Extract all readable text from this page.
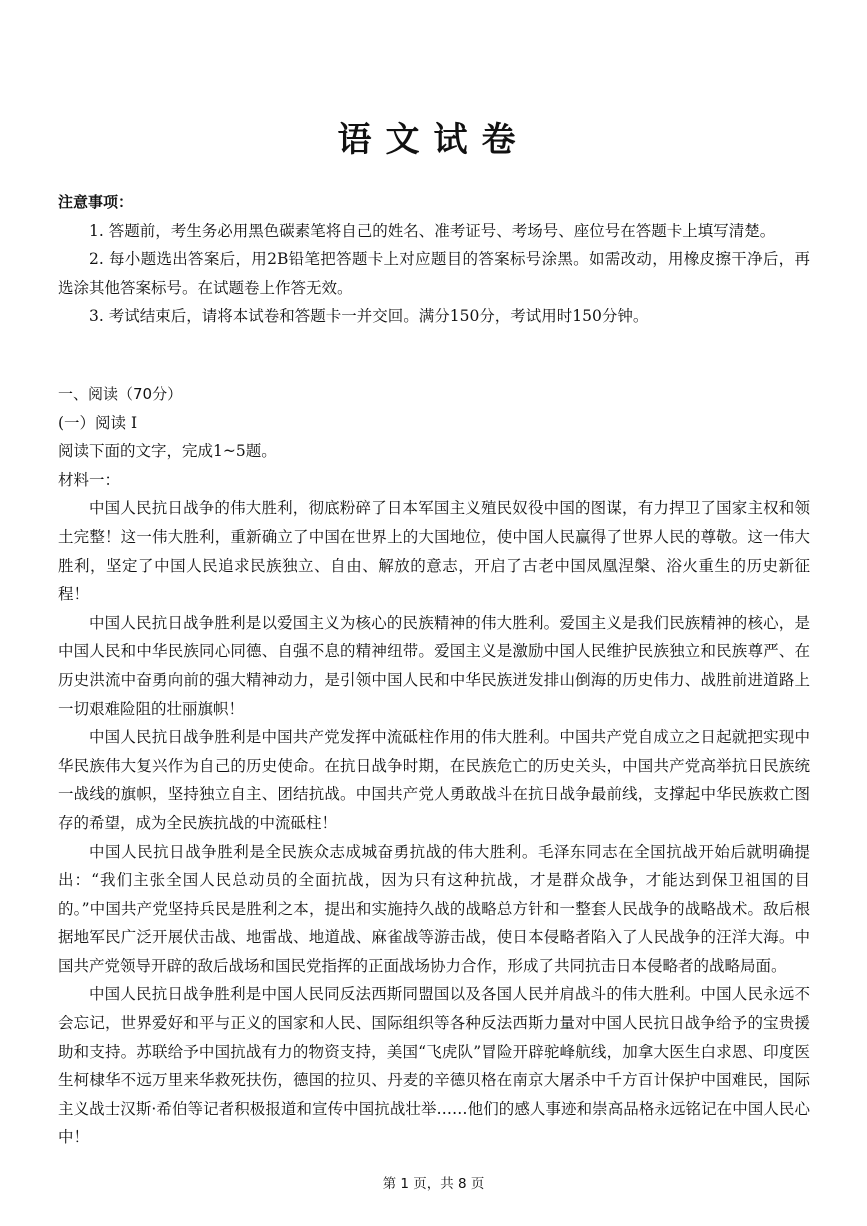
语文试卷
注意事项：

1. 答题前，考生务必用黑色碳素笔将自己的姓名、准考证号、考场号、座位号在答题卡上填写清楚。

2. 每小题选出答案后，用2B铅笔把答题卡上对应题目的答案标号涂黑。如需改动，用橡皮擦干净后，再选涂其他答案标号。在试题卷上作答无效。

3. 考试结束后，请将本试卷和答题卡一并交回。满分150分，考试用时150分钟。

一、阅读（70分）

(一）阅读 I

阅读下面的文字，完成1~5题。

材料一：

中国人民抗日战争的伟大胜利，彻底粉碎了日本军国主义殖民奴役中国的图谋，有力捍卫了国家主权和领土完整！这一伟大胜利，重新确立了中国在世界上的大国地位，使中国人民赢得了世界人民的尊敬。这一伟大胜利，坚定了中国人民追求民族独立、自由、解放的意志，开启了古老中国凤凰涅槃、浴火重生的历史新征程！

中国人民抗日战争胜利是以爱国主义为核心的民族精神的伟大胜利。爱国主义是我们民族精神的核心，是中国人民和中华民族同心同德、自强不息的精神纽带。爱国主义是激励中国人民维护民族独立和民族尊严、在历史洪流中奋勇向前的强大精神动力，是引领中国人民和中华民族迸发排山倒海的历史伟力、战胜前进道路上一切艰难险阻的壮丽旗帜！

中国人民抗日战争胜利是中国共产党发挥中流砥柱作用的伟大胜利。中国共产党自成立之日起就把实现中华民族伟大复兴作为自己的历史使命。在抗日战争时期，在民族危亡的历史关头，中国共产党高举抗日民族统一战线的旗帜，坚持独立自主、团结抗战。中国共产党人勇敢战斗在抗日战争最前线，支撑起中华民族救亡图存的希望，成为全民族抗战的中流砥柱！

中国人民抗日战争胜利是全民族众志成城奋勇抗战的伟大胜利。毛泽东同志在全国抗战开始后就明确提出：“我们主张全国人民总动员的全面抗战，因为只有这种抗战，才是群众战争，才能达到保卫祖国的目的。”中国共产党坚持兵民是胜利之本，提出和实施持久战的战略总方针和一整套人民战争的战略战术。敌后根据地军民广泛开展伏击战、地雷战、地道战、麻雀战等游击战，使日本侵略者陷入了人民战争的汪洋大海。中国共产党领导开辟的敌后战场和国民党指挥的正面战场协力合作，形成了共同抗击日本侵略者的战略局面。

中国人民抗日战争胜利是中国人民同反法西斯同盟国以及各国人民并肩战斗的伟大胜利。中国人民永远不会忘记，世界爱好和平与正义的国家和人民、国际组织等各种反法西斯力量对中国人民抗日战争给予的宝贵援助和支持。苏联给予中国抗战有力的物资支持，美国“飞虎队”冒险开辟驼峰航线，加拿大医生白求恩、印度医生柯棣华不远万里来华救死扶伤，德国的拉贝、丹麦的辛德贝格在南京大屠杀中千方百计保护中国难民，国际主义战士汉斯·希伯等记者积极报道和宣传中国抗战壮举……他们的感人事迹和崇高品格永远铭记在中国人民心中！

第 1 页，共 8 页
